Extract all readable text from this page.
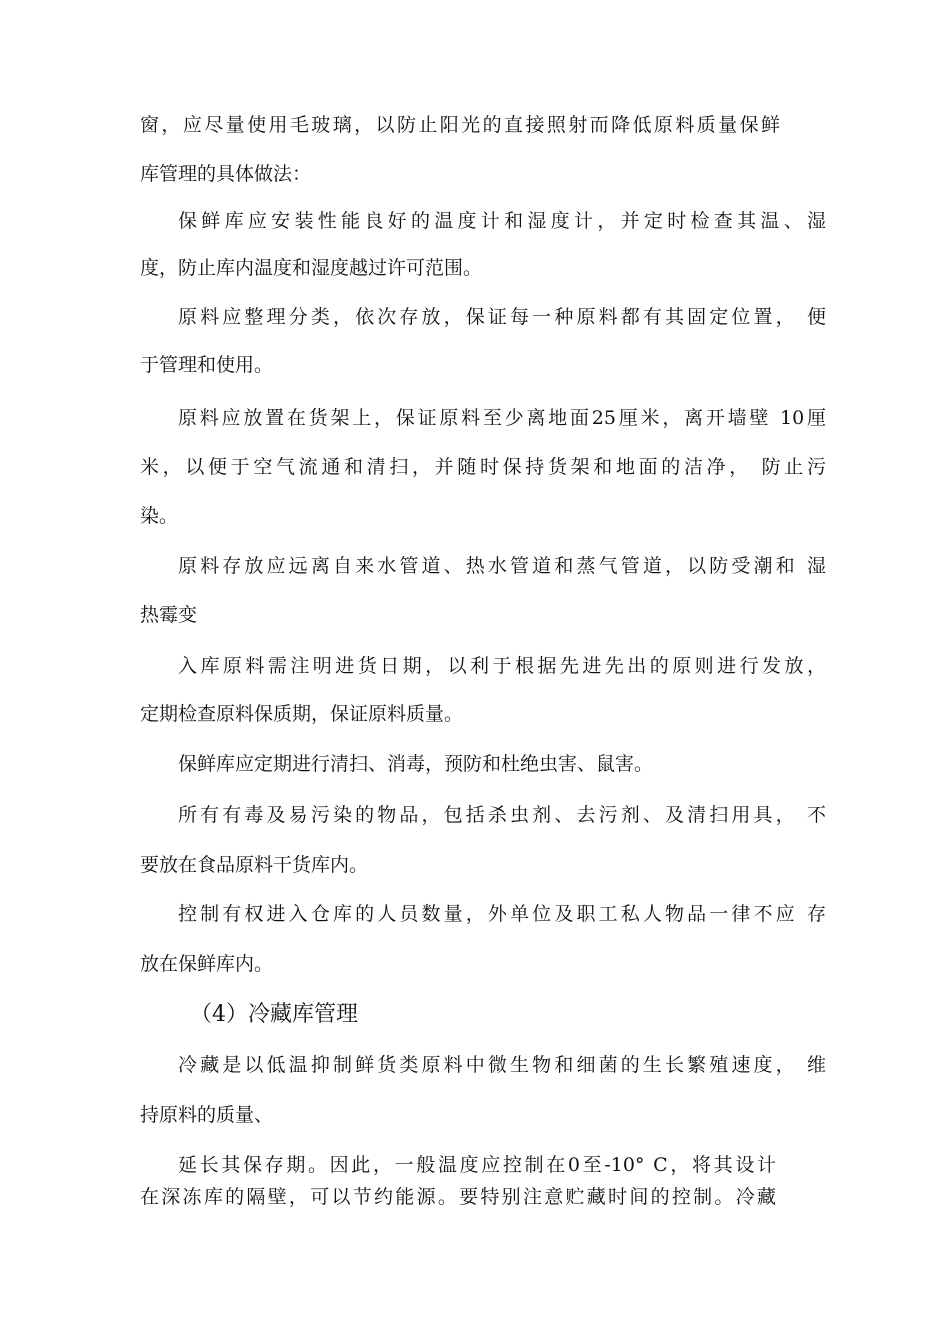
窗，应尽量使用毛玻璃，以防止阳光的直接照射而降低原料质量保鲜

库管理的具体做法：

保鲜库应安装性能良好的温度计和湿度计，并定时检查其温、湿

度，防止库内温度和湿度越过许可范围。

原料应整理分类，依次存放，保证每一种原料都有其固定位置， 便

于管理和使用。

原料应放置在货架上，保证原料至少离地面25厘米，离开墙壁 10厘

米，以便于空气流通和清扫，并随时保持货架和地面的洁净， 防止污

染。

原料存放应远离自来水管道、热水管道和蒸气管道，以防受潮和 湿

热霉变

入库原料需注明进货日期，以利于根据先进先出的原则进行发放，

定期检查原料保质期，保证原料质量。

保鲜库应定期进行清扫、消毒，预防和杜绝虫害、鼠害。

所有有毒及易污染的物品，包括杀虫剂、去污剂、及清扫用具， 不

要放在食品原料干货库内。

控制有权进入仓库的人员数量，外单位及职工私人物品一律不应 存

放在保鲜库内。

（4）冷藏库管理

冷藏是以低温抑制鲜货类原料中微生物和细菌的生长繁殖速度， 维

持原料的质量、

延长其保存期。因此，一般温度应控制在0至-10° C，将其设计

在深冻库的隔壁，可以节约能源。要特别注意贮藏时间的控制。冷藏
